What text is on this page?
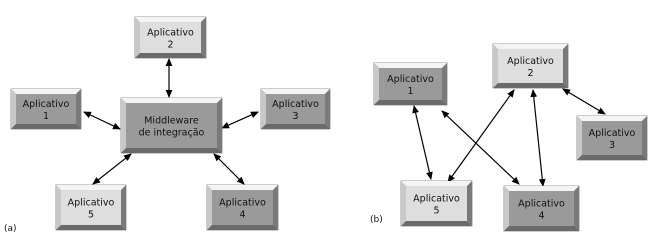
Aplicativo
2
Aplicativo
1	Middleware
de integração
Aplicativo
3
Aplicativo
5
Aplicativo
4
Aplicativo
1
Aplicativo
2
Aplicativo
3
Aplicativo
5
Aplicativo
4
(a)
(b)
